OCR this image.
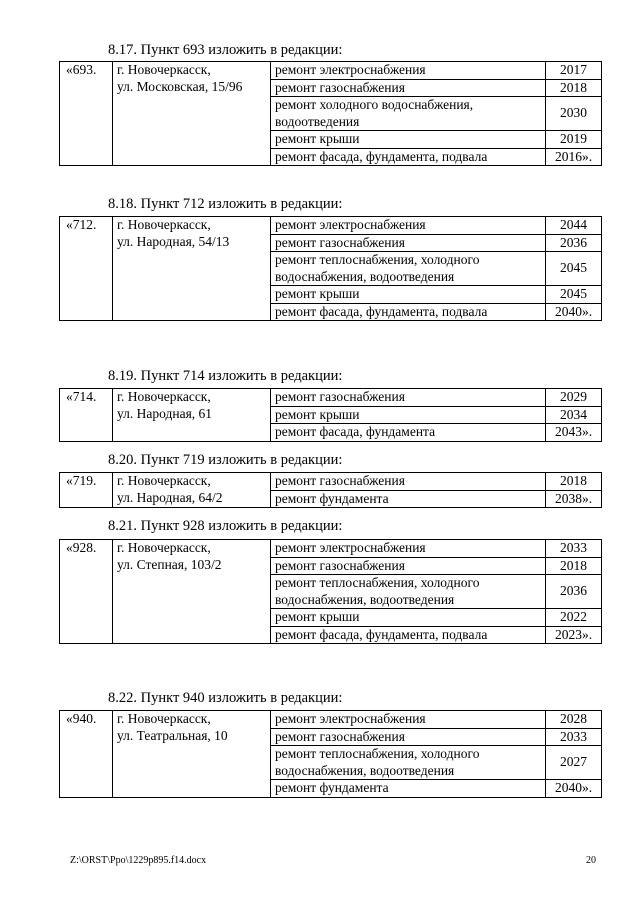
8.17. Пункт 693 изложить в редакции:
«693.	г. Новочеркасск,
ул. Московская, 15/96	ремонт электроснабжения	2017
		ремонт газоснабжения	2018
		ремонт холодного водоснабжения, водоотведения	2030
		ремонт крыши	2019
		ремонт фасада, фундамента, подвала	2016».
8.18. Пункт 712 изложить в редакции:
«712.	г. Новочеркасск,
ул. Народная, 54/13	ремонт электроснабжения	2044
		ремонт газоснабжения	2036
		ремонт теплоснабжения, холодного водоснабжения, водоотведения	2045
		ремонт крыши	2045
		ремонт фасада, фундамента, подвала	2040».
8.19. Пункт 714 изложить в редакции:
«714.	г. Новочеркасск,
ул. Народная, 61	ремонт газоснабжения	2029
		ремонт крыши	2034
		ремонт фасада, фундамента	2043».
8.20. Пункт 719 изложить в редакции:
«719.	г. Новочеркасск,
ул. Народная, 64/2	ремонт газоснабжения	2018
		ремонт фундамента	2038».
8.21. Пункт 928 изложить в редакции:
«928.	г. Новочеркасск,
ул. Степная, 103/2	ремонт электроснабжения	2033
		ремонт газоснабжения	2018
		ремонт теплоснабжения, холодного водоснабжения, водоотведения	2036
		ремонт крыши	2022
		ремонт фасада, фундамента, подвала	2023».
8.22. Пункт 940 изложить в редакции:
«940.	г. Новочеркасск,
ул. Театральная, 10	ремонт электроснабжения	2028
		ремонт газоснабжения	2033
		ремонт теплоснабжения, холодного водоснабжения, водоотведения	2027
		ремонт фундамента	2040».
Z:\ORST\Ppo\1229p895.f14.docx	20
